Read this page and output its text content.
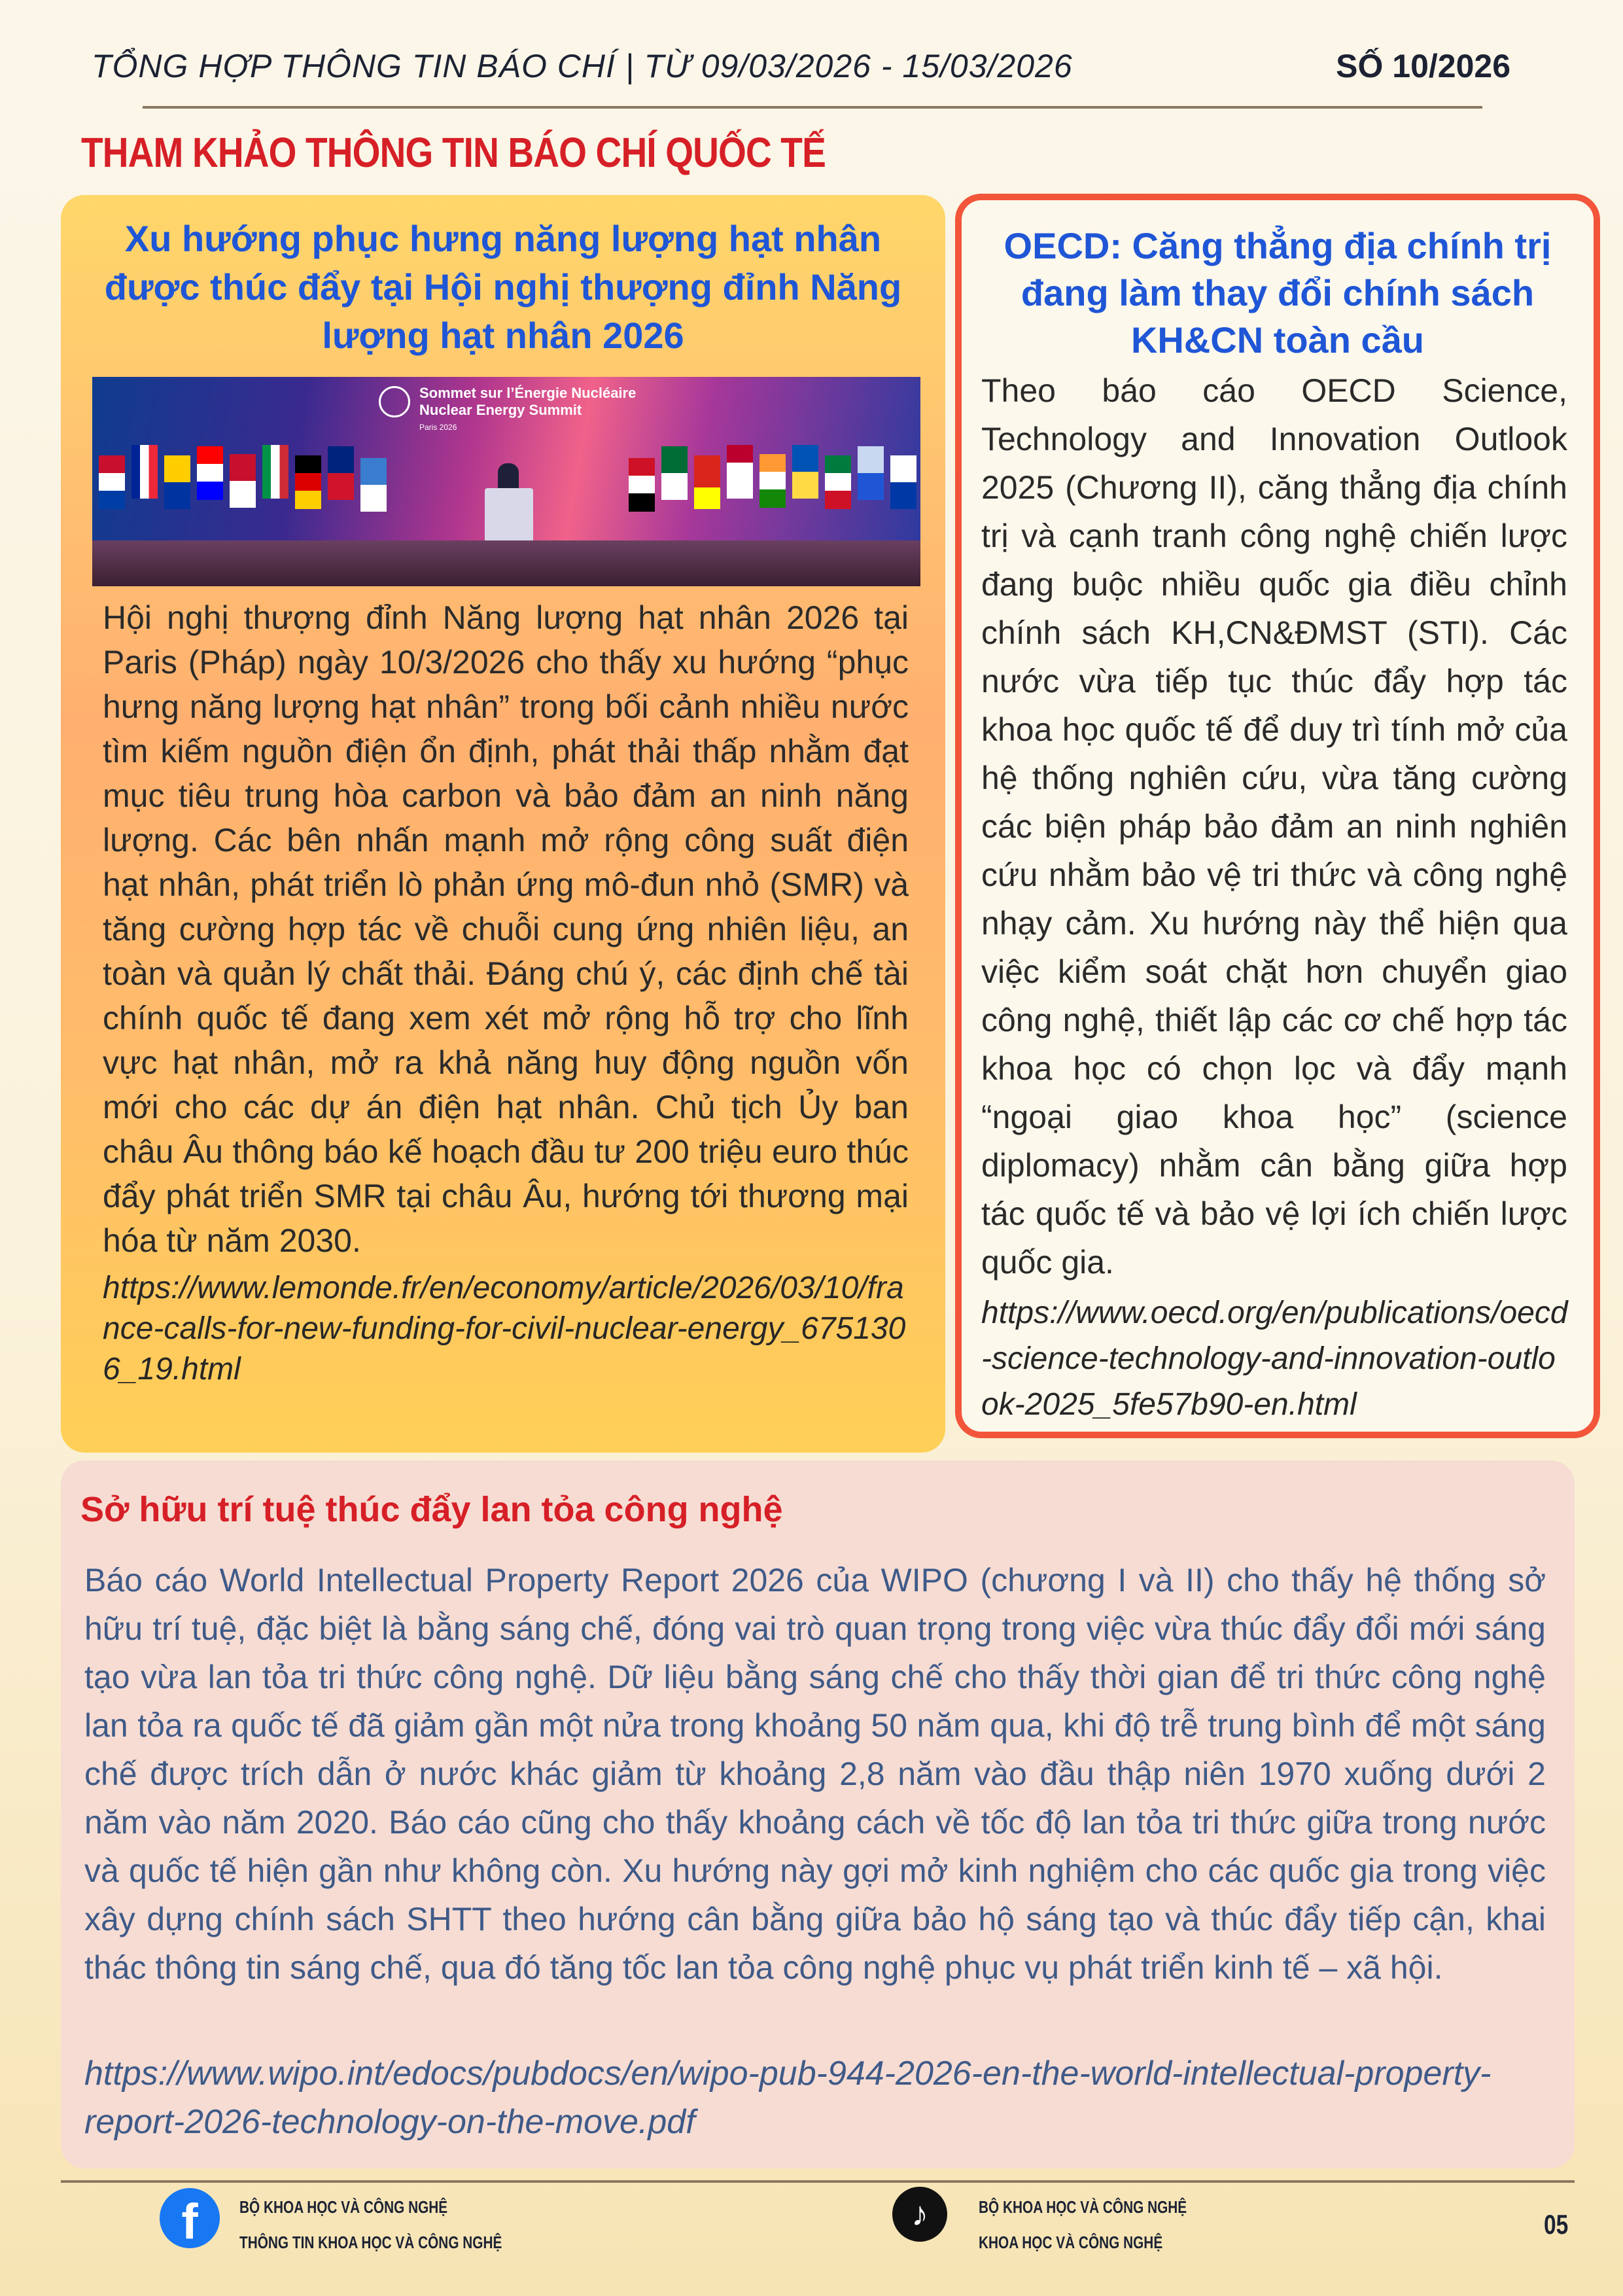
TỔNG HỢP THÔNG TIN BÁO CHÍ | TỪ 09/03/2026 - 15/03/2026	SỐ 10/2026
THAM KHẢO THÔNG TIN BÁO CHÍ QUỐC TẾ
Xu hướng phục hưng năng lượng hạt nhân được thúc đẩy tại Hội nghị thượng đỉnh Năng lượng hạt nhân 2026
Sommet sur l’Énergie Nucléaire
Nuclear Energy Summit
Paris 2026

Hội nghị thượng đỉnh Năng lượng hạt nhân 2026 tại Paris (Pháp) ngày 10/3/2026 cho thấy xu hướng “phục hưng năng lượng hạt nhân” trong bối cảnh nhiều nước tìm kiếm nguồn điện ổn định, phát thải thấp nhằm đạt mục tiêu trung hòa carbon và bảo đảm an ninh năng lượng. Các bên nhấn mạnh mở rộng công suất điện hạt nhân, phát triển lò phản ứng mô-đun nhỏ (SMR) và tăng cường hợp tác về chuỗi cung ứng nhiên liệu, an toàn và quản lý chất thải. Đáng chú ý, các định chế tài chính quốc tế đang xem xét mở rộng hỗ trợ cho lĩnh vực hạt nhân, mở ra khả năng huy động nguồn vốn mới cho các dự án điện hạt nhân. Chủ tịch Ủy ban châu Âu thông báo kế hoạch đầu tư 200 triệu euro thúc đẩy phát triển SMR tại châu Âu, hướng tới thương mại hóa từ năm 2030.

https://www.lemonde.fr/en/economy/article/2026/03/10/france-calls-for-new-funding-for-civil-nuclear-energy_6751306_19.html
OECD: Căng thẳng địa chính trị đang làm thay đổi chính sách KH&CN toàn cầu

Theo báo cáo OECD Science, Technology and Innovation Outlook 2025 (Chương II), căng thẳng địa chính trị và cạnh tranh công nghệ chiến lược đang buộc nhiều quốc gia điều chỉnh chính sách KH,CN&ĐMST (STI). Các nước vừa tiếp tục thúc đẩy hợp tác khoa học quốc tế để duy trì tính mở của hệ thống nghiên cứu, vừa tăng cường các biện pháp bảo đảm an ninh nghiên cứu nhằm bảo vệ tri thức và công nghệ nhạy cảm. Xu hướng này thể hiện qua việc kiểm soát chặt hơn chuyển giao công nghệ, thiết lập các cơ chế hợp tác khoa học có chọn lọc và đẩy mạnh “ngoại giao khoa học” (science diplomacy) nhằm cân bằng giữa hợp tác quốc tế và bảo vệ lợi ích chiến lược quốc gia.

https://www.oecd.org/en/publications/oecd-science-technology-and-innovation-outlook-2025_5fe57b90-en.html
Sở hữu trí tuệ thúc đẩy lan tỏa công nghệ

Báo cáo World Intellectual Property Report 2026 của WIPO (chương I và II) cho thấy hệ thống sở hữu trí tuệ, đặc biệt là bằng sáng chế, đóng vai trò quan trọng trong việc vừa thúc đẩy đổi mới sáng tạo vừa lan tỏa tri thức công nghệ. Dữ liệu bằng sáng chế cho thấy thời gian để tri thức công nghệ lan tỏa ra quốc tế đã giảm gần một nửa trong khoảng 50 năm qua, khi độ trễ trung bình để một sáng chế được trích dẫn ở nước khác giảm từ khoảng 2,8 năm vào đầu thập niên 1970 xuống dưới 2 năm vào năm 2020. Báo cáo cũng cho thấy khoảng cách về tốc độ lan tỏa tri thức giữa trong nước và quốc tế hiện gần như không còn. Xu hướng này gợi mở kinh nghiệm cho các quốc gia trong việc xây dựng chính sách SHTT theo hướng cân bằng giữa bảo hộ sáng tạo và thúc đẩy tiếp cận, khai thác thông tin sáng chế, qua đó tăng tốc lan tỏa công nghệ phục vụ phát triển kinh tế – xã hội.

https://www.wipo.int/edocs/pubdocs/en/wipo-pub-944-2026-en-the-world-intellectual-property-report-2026-technology-on-the-move.pdf
f	BỘ KHOA HỌC VÀ CÔNG NGHỆ
THÔNG TIN KHOA HỌC VÀ CÔNG NGHỆ
♪	BỘ KHOA HỌC VÀ CÔNG NGHỆ
KHOA HỌC VÀ CÔNG NGHỆ
05
